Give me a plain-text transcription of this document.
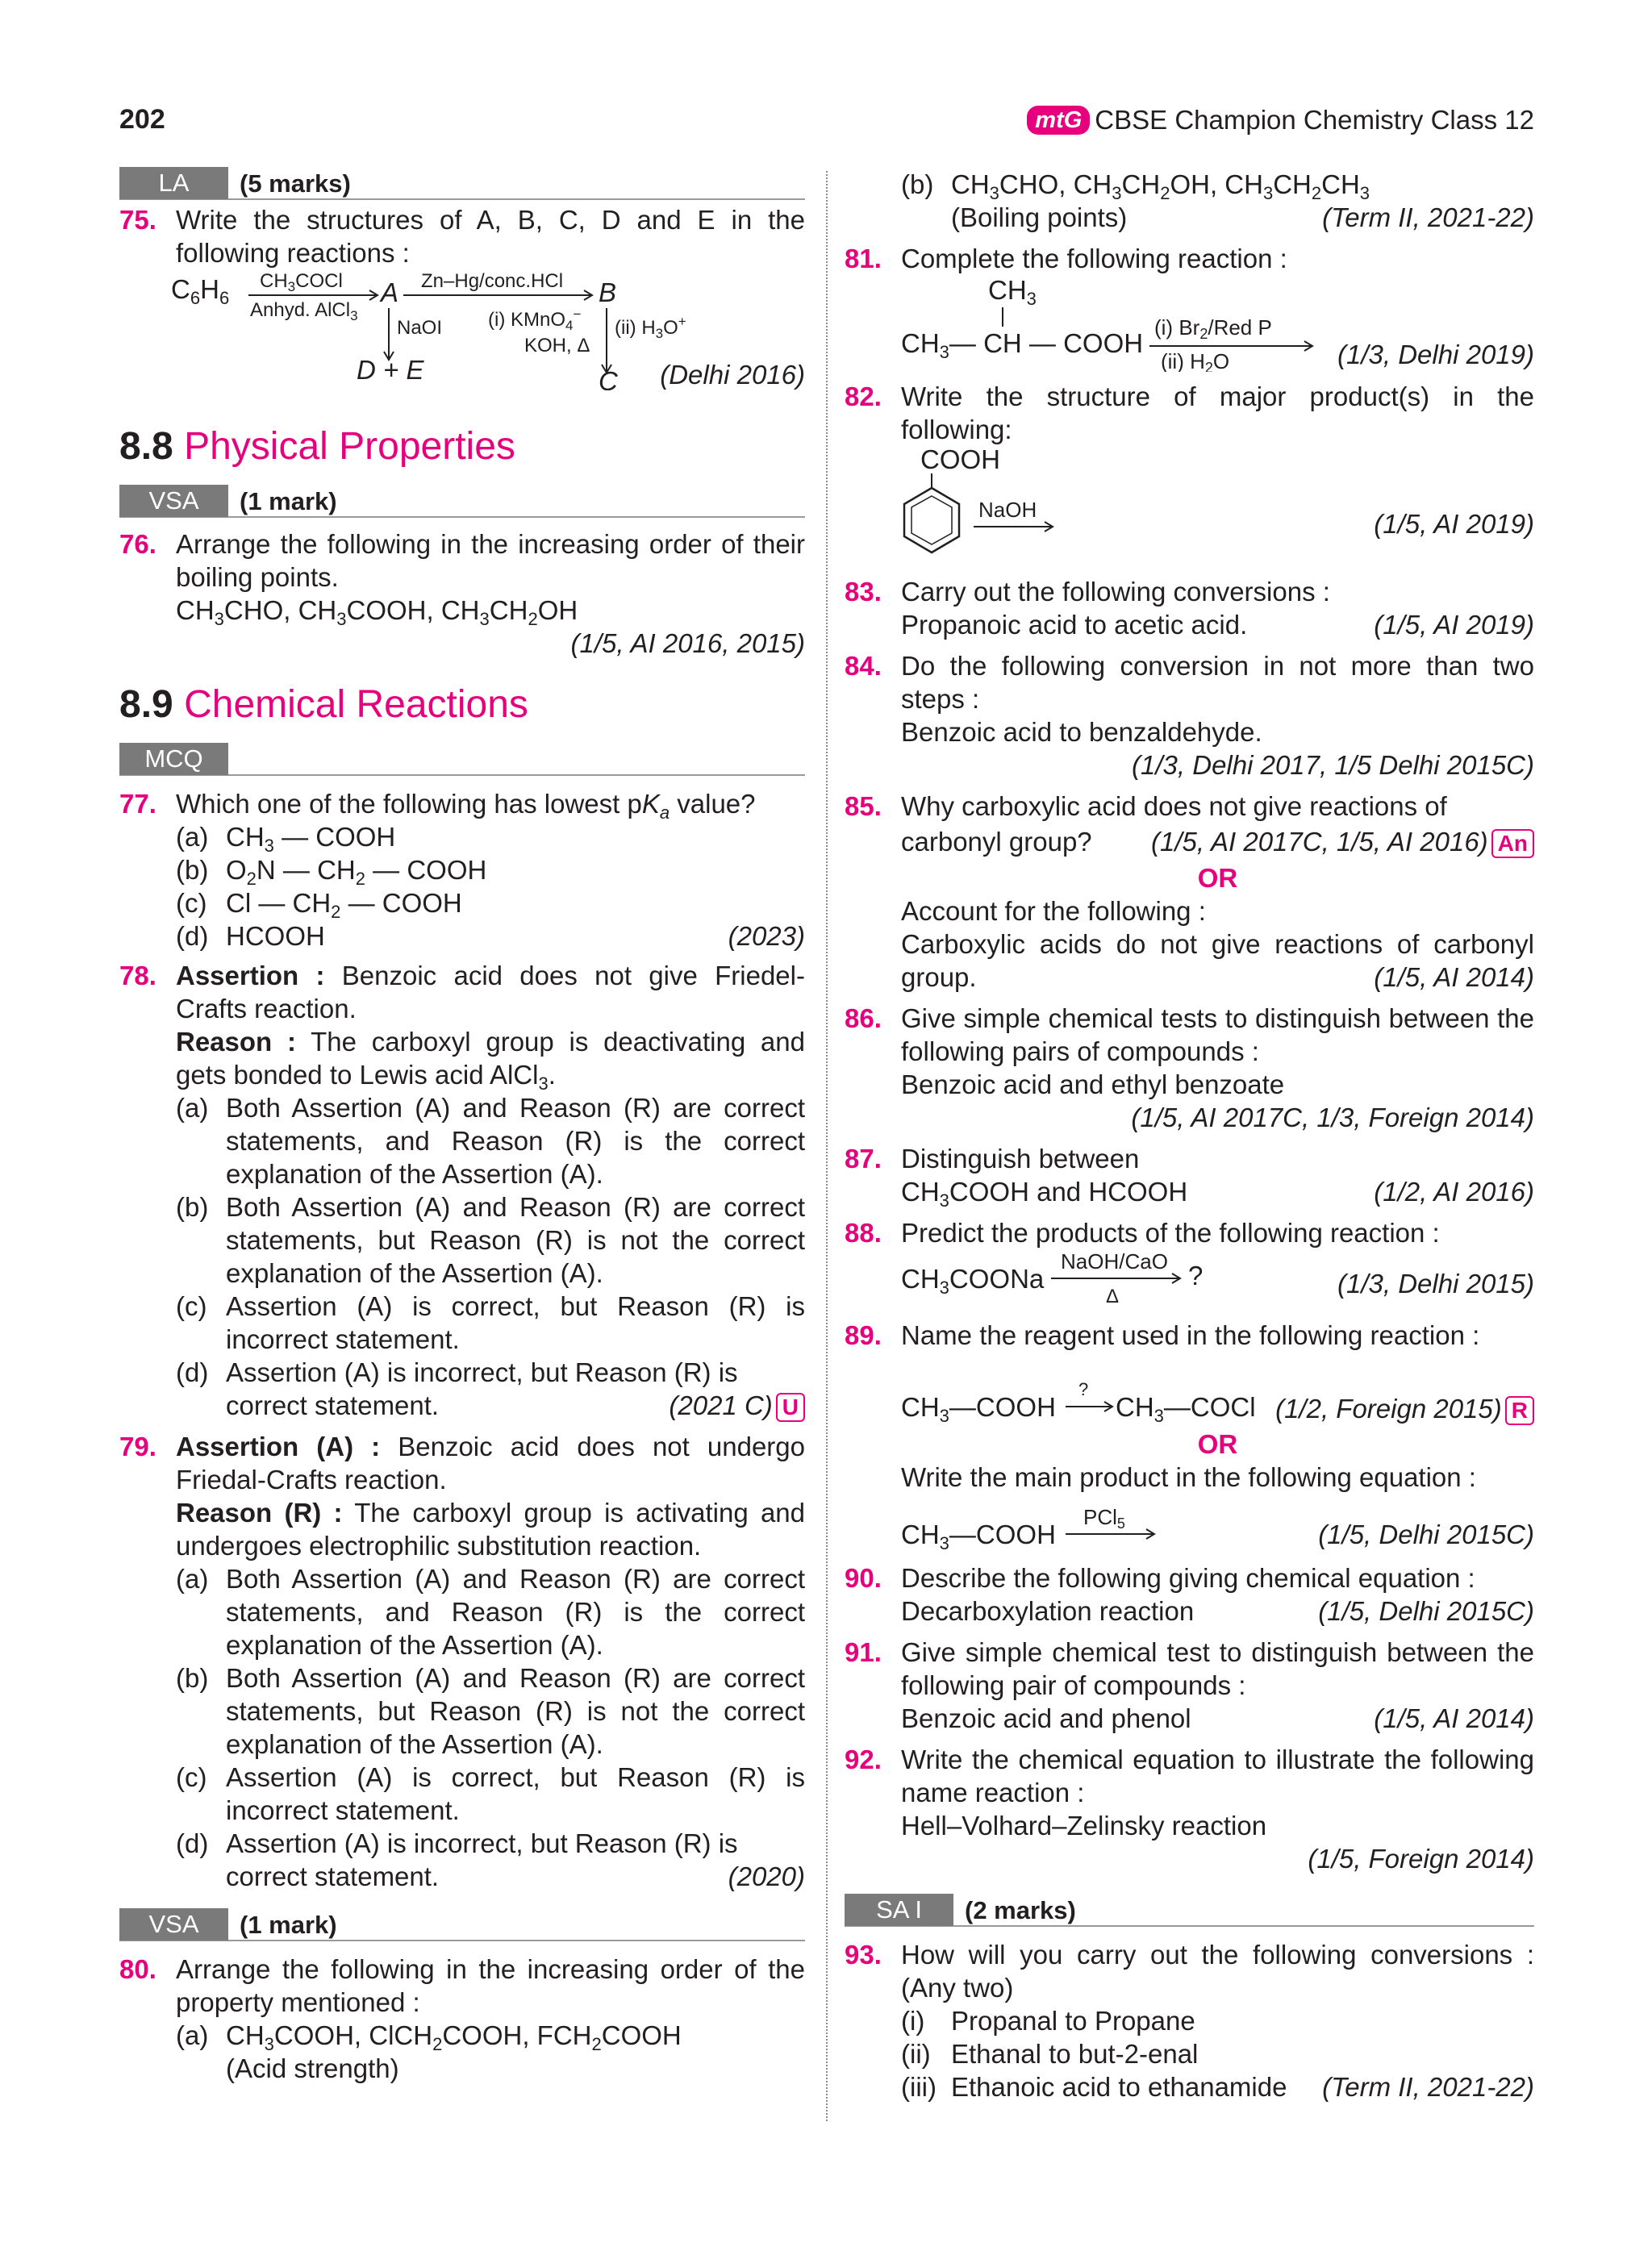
202	mtG CBSE Champion Chemistry Class 12
LA	(5 marks)
75. Write the structures of A, B, C, D and E in the following reactions :
$C_6H_6$
$CH_3COCl$
Anhyd. AlCl$_3$
A Zn–Hg/conc.HCl B
NaOI (i) KMnO$_4$−
KOH, Δ
(ii) $H_3O^+$
D + E	C (Delhi 2016)
8.8 Physical Properties
VSA	(1 mark)
76. Arrange the following in the increasing order of their boiling points.
$CH_3CHO$, $CH_3COOH$, $CH_3CH_2OH$
(1/5, AI 2016, 2015)
8.9 Chemical Reactions
MCQ
77. Which one of the following has lowest $pK_a$ value?
(a) $CH_3$ — COOH
(b) $O_2N$ — $CH_2$ — COOH
(c) Cl — $CH_2$ — COOH
(d) HCOOH	(2023)
78. Assertion : Benzoic acid does not give Friedel-Crafts reaction.
Reason : The carboxyl group is deactivating and gets bonded to Lewis acid AlCl$_3$.
(a) Both Assertion (A) and Reason (R) are correct statements, and Reason (R) is the correct explanation of the Assertion (A).
(b) Both Assertion (A) and Reason (R) are correct statements, but Reason (R) is not the correct explanation of the Assertion (A).
(c) Assertion (A) is correct, but Reason (R) is incorrect statement.
(d) Assertion (A) is incorrect, but Reason (R) is
correct statement.	(2021 C) U
79. Assertion (A) : Benzoic acid does not undergo Friedal-Crafts reaction.
Reason (R) : The carboxyl group is activating and undergoes electrophilic substitution reaction.
(a) Both Assertion (A) and Reason (R) are correct statements, and Reason (R) is the correct explanation of the Assertion (A).
(b) Both Assertion (A) and Reason (R) are correct statements, but Reason (R) is not the correct explanation of the Assertion (A).
(c) Assertion (A) is correct, but Reason (R) is incorrect statement.
(d) Assertion (A) is incorrect, but Reason (R) is
correct statement.	(2020)
VSA	(1 mark)
80. Arrange the following in the increasing order of the property mentioned :
(a) $CH_3COOH$, ClCH$_2$COOH, $FCH_2COOH$
(Acid strength)
(b) $CH_3CHO$, $CH_3CH_2OH$, $CH_3CH_2CH_3$
(Boiling points)	(Term II, 2021-22)
81. Complete the following reaction :
$CH_3$
$CH_3—$ CH — COOH
(i) Br2/Red P
(ii) H2O	(1/3, Delhi 2019)
82. Write the structure of major product(s) in the following:
COOH
NaOH	(1/5, AI 2019)
83. Carry out the following conversions :
Propanoic acid to acetic acid.	(1/5, AI 2019)
84. Do the following conversion in not more than two steps :
Benzoic acid to benzaldehyde.
(1/3, Delhi 2017, 1/5 Delhi 2015C)
85. Why carboxylic acid does not give reactions of
carbonyl group? (1/5, AI 2017C, 1/5, AI 2016) An
OR
Account for the following :
Carboxylic acids do not give reactions of carbonyl group.	(1/5, AI 2014)
86. Give simple chemical tests to distinguish between the following pairs of compounds :
Benzoic acid and ethyl benzoate
(1/5, AI 2017C, 1/3, Foreign 2014)
87. Distinguish between
$CH_3COOH$ and HCOOH	(1/2, AI 2016)
88. Predict the products of the following reaction :
$CH_3COONa$
NaOH/CaO
Δ
?	(1/3, Delhi 2015)
89. Name the reagent used in the following reaction :
$CH_3—COOH$
?
$CH_3—COCl$ (1/2, Foreign 2015) R
OR
Write the main product in the following equation :
$CH_3—COOH$
PCl5	(1/5, Delhi 2015C)
90. Describe the following giving chemical equation :
Decarboxylation reaction	(1/5, Delhi 2015C)
91. Give simple chemical test to distinguish between the following pair of compounds :
Benzoic acid and phenol	(1/5, AI 2014)
92. Write the chemical equation to illustrate the following name reaction :
Hell–Volhard–Zelinsky reaction
(1/5, Foreign 2014)
SA I	(2 marks)
93. How will you carry out the following conversions : (Any two)
(i) Propanal to Propane
(ii) Ethanal to but-2-enal
(iii) Ethanoic acid to ethanamide (Term II, 2021-22)
